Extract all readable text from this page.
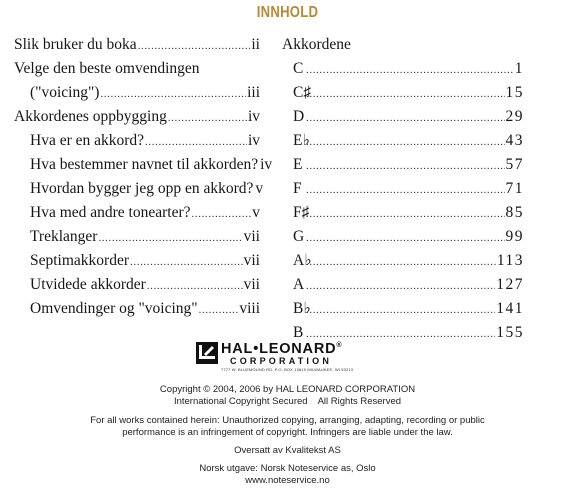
INNHOLD
Slik bruker du boka .....	ii
Velge den beste omvendingen
("voicing") .....	iii
Akkordenes oppbygging .....	iv
Hva er en akkord? .....	iv
Hva bestemmer navnet til akkorden? iv
Hvordan bygger jeg opp en akkord? v
Hva med andre tonearter? .....	v
Treklanger .....	vii
Septimakkorder .....	vii
Utvidede akkorder .....	vii
Omvendinger og "voicing" .....	viii
Akkordene
C .....	1
C♯ .....	15
D .....	29
E♭ .....	43
E .....	57
F .....	71
F♯ .....	85
G .....	99
A♭ .....	113
A .....	127
B♭ .....	141
B .....	155
HAL•LEONARD®
CORPORATION
7777 W. BLUEMOUND RD. P.O. BOX 13819 MILWAUKEE, WI 53213
Copyright © 2004, 2006 by HAL LEONARD CORPORATION
International Copyright Secured    All Rights Reserved
For all works contained herein: Unauthorized copying, arranging, adapting, recording or public
performance is an infringement of copyright. Infringers are liable under the law.
Oversatt av Kvalitekst AS
Norsk utgave: Norsk Noteservice as, Oslo
www.noteservice.no
